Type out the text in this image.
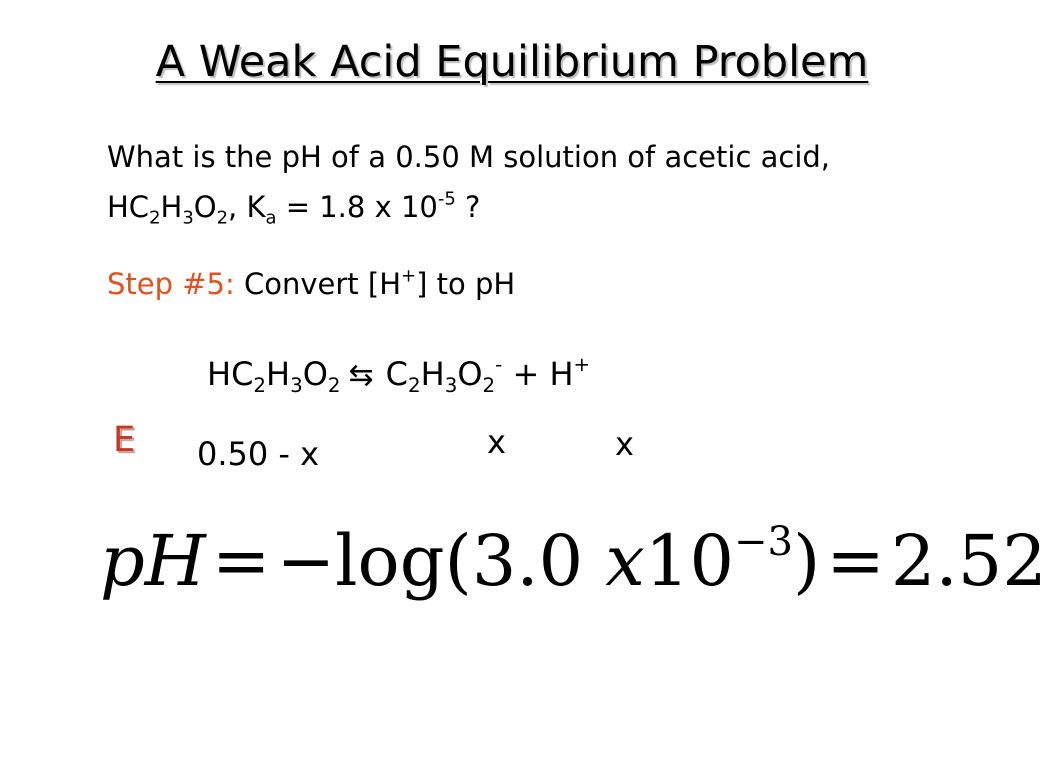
A Weak Acid Equilibrium Problem
What is the pH of a 0.50 M solution of acetic acid,
$HC_2H_3O_2$, $K_a = 1.8$ x $10^{-5}$ ?
Step #5: Convert [H+] to pH
$HC_2H_3O_2$ ⇆ $C_2H_3O_2^- + H^+$
E 0.50 - x	x	x
pH=−log(3.0 $x10^{-3})=2.52$
